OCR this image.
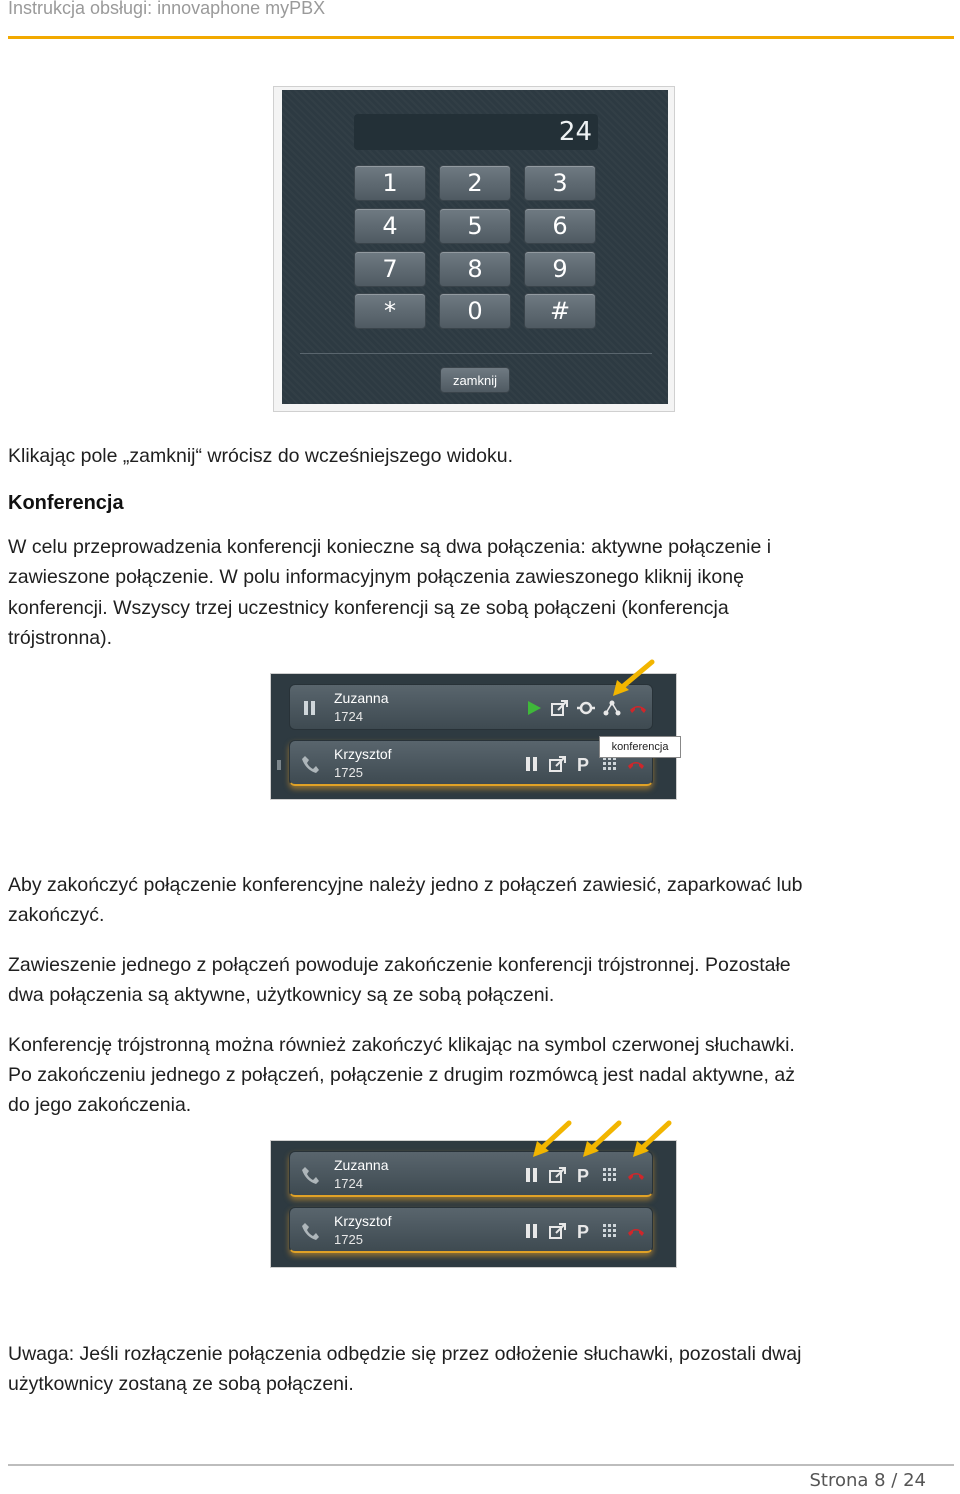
Instrukcja obsługi: innovaphone myPBX
24
1	2	3
4	5	6
7	8	9
*	0	#
zamknij

Klikając pole „zamknij“ wrócisz do wcześniejszego widoku.

Konferencja

W celu przeprowadzenia konferencji konieczne są dwa połączenia: aktywne połączenie i

zawieszone połączenie. W polu informacyjnym połączenia zawieszonego kliknij ikonę

konferencji. Wszyscy trzej uczestnicy konferencji są ze sobą połączeni (konferencja

trójstronna).

Zuzanna
1724
Krzysztof
1725	P
konferencja

Aby zakończyć połączenie konferencyjne należy jedno z połączeń zawiesić, zaparkować lub

zakończyć.

Zawieszenie jednego z połączeń powoduje zakończenie konferencji trójstronnej. Pozostałe

dwa połączenia są aktywne, użytkownicy są ze sobą połączeni.

Konferencję trójstronną można również zakończyć klikając na symbol czerwonej słuchawki.

Po zakończeniu jednego z połączeń, połączenie z drugim rozmówcą jest nadal aktywne, aż

do jego zakończenia.

Zuzanna
1724	P
Krzysztof
1725	P

Uwaga: Jeśli rozłączenie połączenia odbędzie się przez odłożenie słuchawki, pozostali dwaj

użytkownicy zostaną ze sobą połączeni.

Strona 8 / 24
